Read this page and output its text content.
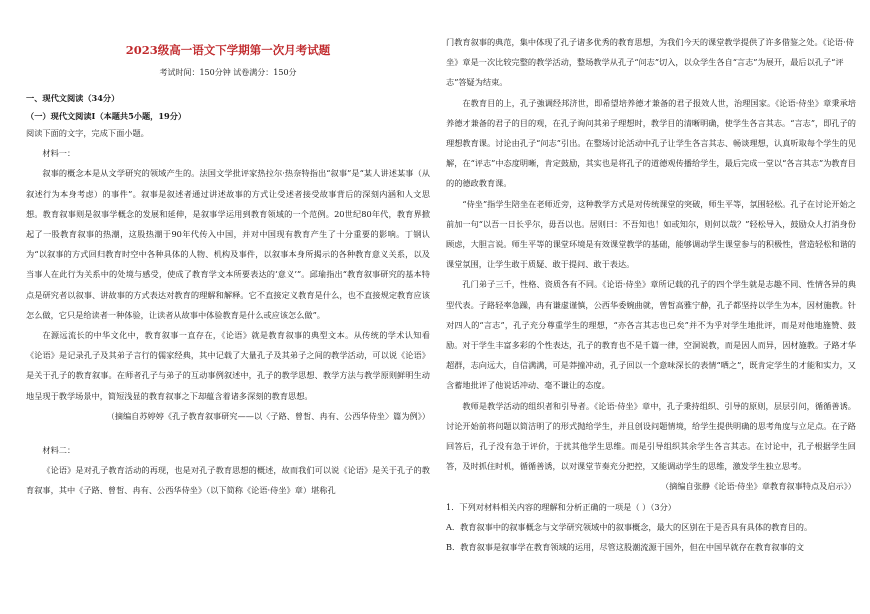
2023级高一语文下学期第一次月考试题
考试时间：150分钟 试卷满分：150分
一、现代文阅读（34分）
（一）现代文阅读Ⅰ（本题共5小题，19分）

阅读下面的文字，完成下面小题。

材料一：

叙事的概念本是从文学研究的领域产生的。法国文学批评家热拉尔·热奈特指出“叙事”是“某人讲述某事（从叙述行为本身考虑）的事件”。叙事是叙述者通过讲述故事的方式让受述者接受故事背后的深刻内涵和人文思想。教育叙事则是叙事学概念的发展和延伸，是叙事学运用到教育领域的一个范例。20世纪80年代，教育界掀起了一股教育叙事的热潮，这股热潮于90年代传入中国，并对中国现有教育产生了十分重要的影响。丁钢认为“以叙事的方式回归教育时空中各种具体的人物、机构及事件，以叙事本身所揭示的各种教育意义关系，以及当事人在此行为关系中的处境与感受，使成了教育学文本所要表达的‘意义’”。邱瑜指出“教育叙事研究的基本特点是研究者以叙事、讲故事的方式表达对教育的理解和解释。它不直接定义教育是什么，也不直接规定教育应该怎么做，它只是给读者一种体验，让读者从故事中体验教育是什么或应该怎么做”。

在源远流长的中华文化中，教育叙事一直存在，《论语》就是教育叙事的典型文本。从传统的学术认知看《论语》是记录孔子及其弟子言行的儒家经典，其中记载了大量孔子及其弟子之间的教学活动，可以说《论语》是关于孔子的教育叙事。在师者孔子与弟子的互动事例叙述中，孔子的教学思想、教学方法与教学原则鲜明生动地呈现于教学场景中，简短浅显的教育叙事之下却蕴含着诸多深刻的教育思想。

（摘编自苏婷婷《孔子教育叙事研究——以〈子路、曾皙、冉有、公西华侍坐〉篇为例》）

材料二：

《论语》是对孔子教育活动的再现，也是对孔子教育思想的概述，故而我们可以说《论语》是关于孔子的教育叙事，其中《子路、曾皙、冉有、公西华侍坐》（以下简称《论语·侍坐》章）堪称孔

门教育叙事的典范，集中体现了孔子诸多优秀的教育思想，为我们今天的课堂教学提供了许多借鉴之处。《论语·侍坐》章是一次比较完整的教学活动，整场教学从孔子“问志”切入，以众学生各自“言志”为展开，最后以孔子“评志”答疑为结束。

在教育目的上，孔子強调经邦济世，即希望培养德才兼备的君子报效人世，治理国家。《论语·侍坐》章秉承培养德才兼备的君子的目的观，在孔子询问其弟子理想时，教学目的清晰明确，使学生各言其志。“言志”，即孔子的理想教育课。讨论由孔子“问志”引出。在整场讨论活动中孔子让学生各言其志、畅谈理想，认真听取每个学生的见解，在“评志”中态度明晰，肯定鼓励，其实也是将孔子的道德观传播给学生，最后完成一堂以“各言其志”为教育目的的德政教育课。

“侍坐”指学生陪坐在老师近旁，这种教学方式是对传统课堂的突破，师生平等，氛围轻松。孔子在讨论开始之前加一句“以吾一日长乎尔，毋吾以也。居则曰：不吾知也！如或知尔，则何以哉？”轻松导入，鼓励众人打消身份顾虑，大胆言说。师生平等的课堂环境是有效课堂教学的基础，能够调动学生课堂参与的积极性，营造轻松和谐的课堂氛围，让学生敢于质疑、敢于提问、敢于表达。

孔门弟子三千，性格、资质各有不同。《论语·侍坐》章所记载的孔子的四个学生就是志趣不同、性情各异的典型代表。子路轻率急躁，冉有谦虚谨慎，公西华委婉曲就，曾皙高雅宁静，孔子都坚持以学生为本，因材施教。针对四人的“言志”，孔子充分尊重学生的理想，“亦各言其志也已矣”并不为乎对学生地批评，而是对他地施赞、鼓励。对于学生丰富多彩的个性表达，孔子的教育也不是千篇一律，空洞说教，而是因人而异，因材施教。子路才华超群，志向远大，自信满满，可是莽撞冲动，孔子回以一个意味深长的表情“哂之”，既肯定学生的才能和实力，又含蓄地批评了他说话冲动、毫不谦让的态度。

教师是教学活动的组织者和引导者。《论语·侍坐》章中，孔子秉持组织、引导的原则，层层引问，循循善诱。讨论开始前将问题以简洁明了的形式抛给学生，并且创设问题情境，给学生提供明确的思考角度与立足点。在子路回答后，孔子没有急于评价，于扰其他学生思维。而是引导组织其余学生各言其志。在讨论中，孔子根据学生回答，及时抓住时机，循循善诱，以对课堂节奏充分把控，又能调动学生的思维，激发学生独立思考。

（摘编自张静《论语·侍坐》章教育叙事特点及启示》）

1．下列对材料相关内容的理解和分析正确的一项是（ ）（3分）

A．教育叙事中的叙事概念与文学研究领域中的叙事概念，最大的区别在于是否具有具体的教育目的。

B．教育叙事是叙事学在教育领域的运用，尽管这股潮流源于国外，但在中国早就存在教育叙事的文
